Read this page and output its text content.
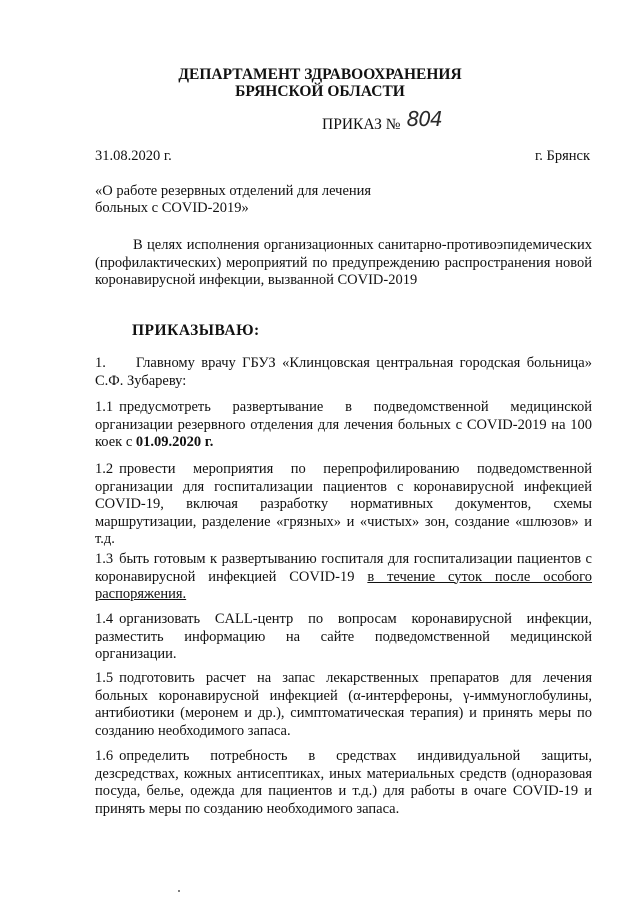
ДЕПАРТАМЕНТ ЗДРАВООХРАНЕНИЯ
БРЯНСКОЙ ОБЛАСТИ
ПРИКАЗ № 804
31.08.2020 г.	г. Брянск
«О работе резервных отделений для лечения больных с COVID-2019»
В целях исполнения организационных санитарно-противоэпидемических (профилактических) мероприятий по предупреждению распространения новой коронавирусной инфекции, вызванной COVID-2019
ПРИКАЗЫВАЮ:
1. Главному врачу ГБУЗ «Клинцовская центральная городская больница» С.Ф. Зубареву:
1.1 предусмотреть развертывание в подведомственной медицинской организации резервного отделения для лечения больных с COVID-2019 на 100 коек с 01.09.2020 г.
1.2 провести мероприятия по перепрофилированию подведомственной организации для госпитализации пациентов с коронавирусной инфекцией COVID-19, включая разработку нормативных документов, схемы маршрутизации, разделение «грязных» и «чистых» зон, создание «шлюзов» и т.д.
1.3 быть готовым к развертыванию госпиталя для госпитализации пациентов с коронавирусной инфекцией COVID-19 в течение суток после особого распоряжения.
1.4 организовать CALL-центр по вопросам коронавирусной инфекции, разместить информацию на сайте подведомственной медицинской организации.
1.5 подготовить расчет на запас лекарственных препаратов для лечения больных коронавирусной инфекцией (α-интерфероны, γ-иммуноглобулины, антибиотики (меронем и др.), симптоматическая терапия) и принять меры по созданию необходимого запаса.
1.6 определить потребность в средствах индивидуальной защиты, дезсредствах, кожных антисептиках, иных материальных средств (одноразовая посуда, белье, одежда для пациентов и т.д.) для работы в очаге COVID-19 и принять меры по созданию необходимого запаса.
